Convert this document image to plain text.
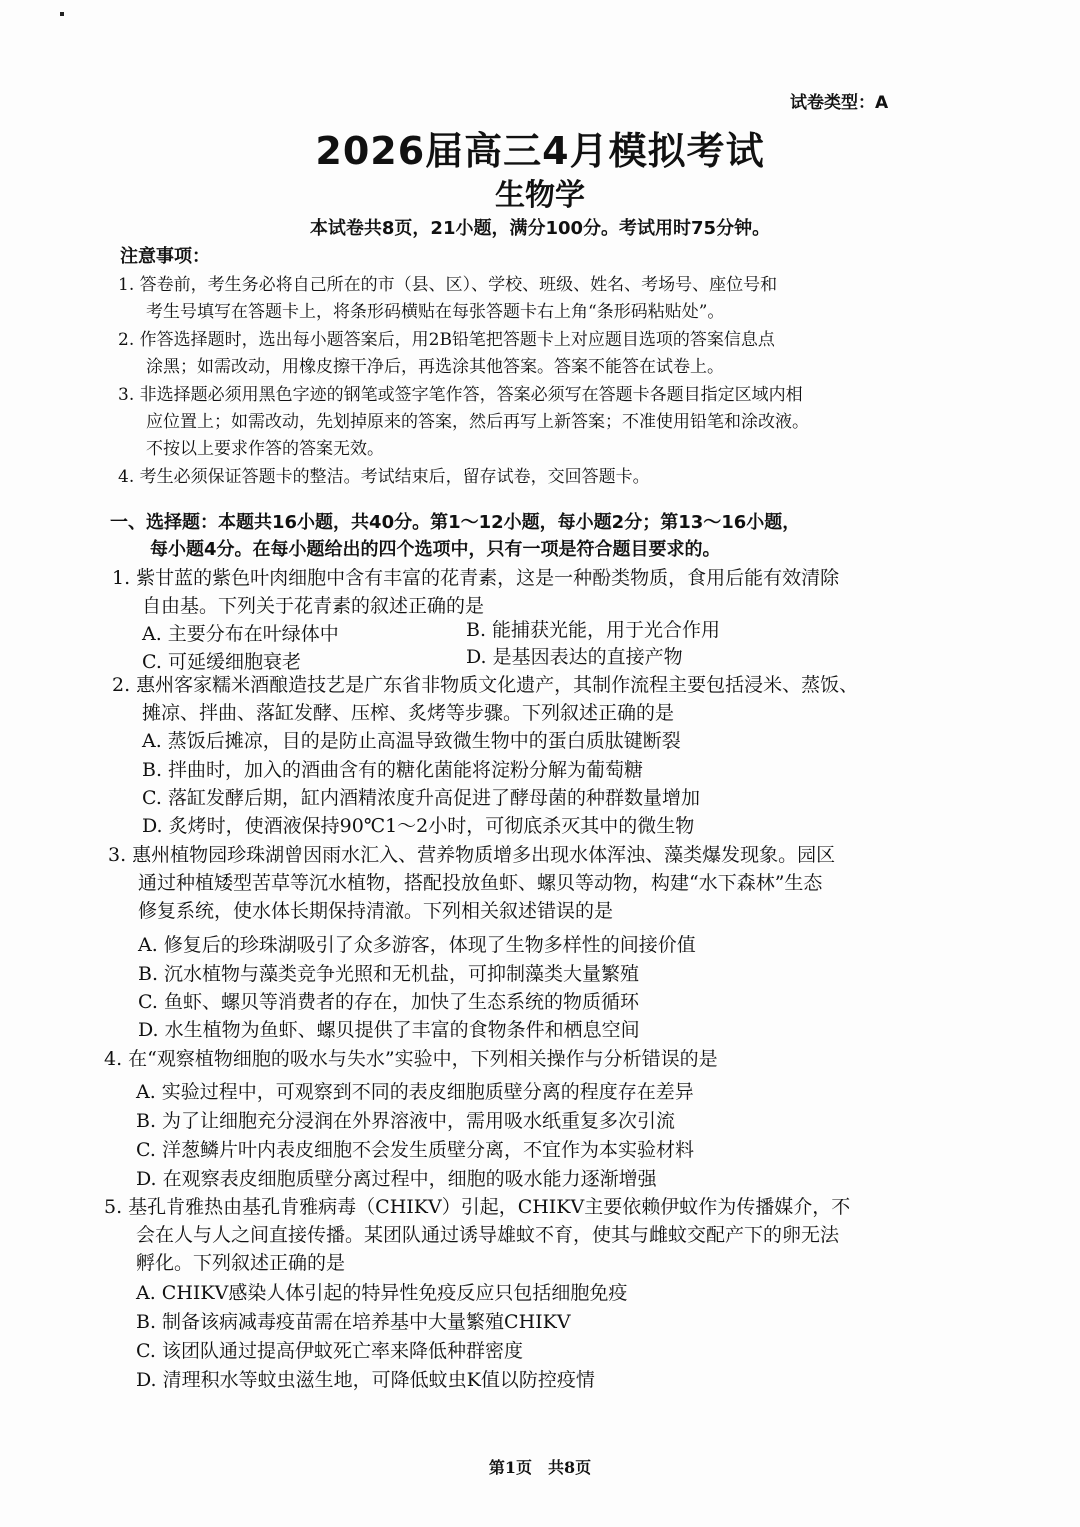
试卷类型：A
2026届高三4月模拟考试
生物学
本试卷共8页，21小题，满分100分。考试用时75分钟。
注意事项：
1. 答卷前，考生务必将自己所在的市（县、区）、学校、班级、姓名、考场号、座位号和
考生号填写在答题卡上，将条形码横贴在每张答题卡右上角“条形码粘贴处”。
2. 作答选择题时，选出每小题答案后，用2B铅笔把答题卡上对应题目选项的答案信息点
涂黑；如需改动，用橡皮擦干净后，再选涂其他答案。答案不能答在试卷上。
3. 非选择题必须用黑色字迹的钢笔或签字笔作答，答案必须写在答题卡各题目指定区域内相
应位置上；如需改动，先划掉原来的答案，然后再写上新答案；不准使用铅笔和涂改液。
不按以上要求作答的答案无效。
4. 考生必须保证答题卡的整洁。考试结束后，留存试卷，交回答题卡。
一、选择题：本题共16小题，共40分。第1～12小题，每小题2分；第13～16小题，
每小题4分。在每小题给出的四个选项中，只有一项是符合题目要求的。
1. 紫甘蓝的紫色叶肉细胞中含有丰富的花青素，这是一种酚类物质，食用后能有效清除
自由基。下列关于花青素的叙述正确的是
A. 主要分布在叶绿体中	B. 能捕获光能，用于光合作用
C. 可延缓细胞衰老	D. 是基因表达的直接产物
2. 惠州客家糯米酒酿造技艺是广东省非物质文化遗产，其制作流程主要包括浸米、蒸饭、
摊凉、拌曲、落缸发酵、压榨、炙烤等步骤。下列叙述正确的是
A. 蒸饭后摊凉，目的是防止高温导致微生物中的蛋白质肽键断裂
B. 拌曲时，加入的酒曲含有的糖化菌能将淀粉分解为葡萄糖
C. 落缸发酵后期，缸内酒精浓度升高促进了酵母菌的种群数量增加
D. 炙烤时，使酒液保持90℃1～2小时，可彻底杀灭其中的微生物
3. 惠州植物园珍珠湖曾因雨水汇入、营养物质增多出现水体浑浊、藻类爆发现象。园区
通过种植矮型苦草等沉水植物，搭配投放鱼虾、螺贝等动物，构建“水下森林”生态
修复系统，使水体长期保持清澈。下列相关叙述错误的是
A. 修复后的珍珠湖吸引了众多游客，体现了生物多样性的间接价值
B. 沉水植物与藻类竞争光照和无机盐，可抑制藻类大量繁殖
C. 鱼虾、螺贝等消费者的存在，加快了生态系统的物质循环
D. 水生植物为鱼虾、螺贝提供了丰富的食物条件和栖息空间
4. 在“观察植物细胞的吸水与失水”实验中，下列相关操作与分析错误的是
A. 实验过程中，可观察到不同的表皮细胞质壁分离的程度存在差异
B. 为了让细胞充分浸润在外界溶液中，需用吸水纸重复多次引流
C. 洋葱鳞片叶内表皮细胞不会发生质壁分离，不宜作为本实验材料
D. 在观察表皮细胞质壁分离过程中，细胞的吸水能力逐渐增强
5. 基孔肯雅热由基孔肯雅病毒（CHIKV）引起，CHIKV主要依赖伊蚊作为传播媒介，不
会在人与人之间直接传播。某团队通过诱导雄蚊不育，使其与雌蚊交配产下的卵无法
孵化。下列叙述正确的是
A. CHIKV感染人体引起的特异性免疫反应只包括细胞免疫
B. 制备该病减毒疫苗需在培养基中大量繁殖CHIKV
C. 该团队通过提高伊蚊死亡率来降低种群密度
D. 清理积水等蚊虫滋生地，可降低蚊虫K值以防控疫情
第1页　共8页
